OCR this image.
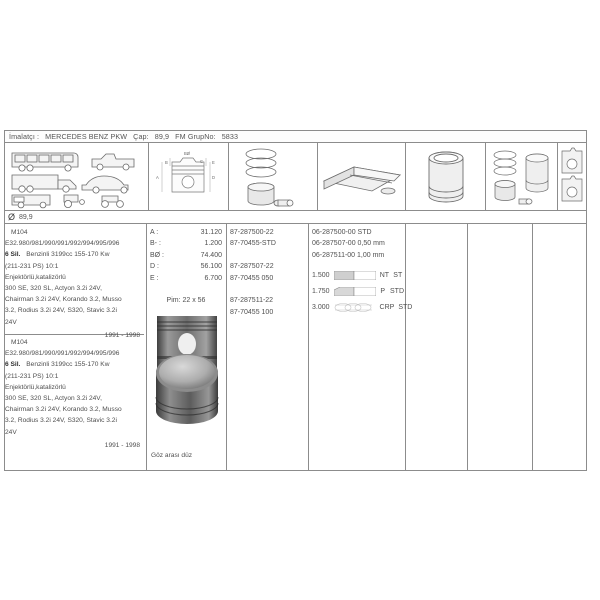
İmalatçı : MERCEDES BENZ PKW Çap: 89,9 FM GrupNo: 5833
A
B
BØ
C
D
E
Ø 89,9
M104
E32.980/981/990/991/992/994/995/996
6 Sil. Benzinli 3199cc 155-170 Kw
(211-231 PS) 10:1
Enjektörlü,katalizörlü
300 SE, 320 SL, Actyon 3.2i 24V,
Chairman 3.2i 24V, Korando 3.2, Musso
3.2, Rodius 3.2i 24V, S320, Stavic 3.2i
24V
1991 - 1998
A :	31.120
B- :	1.200
BØ :	74.400
D :	56.100
E :	6.700
Pim: 22 x 56
87-287500-22
87-70455-STD
87-287507-22
87-70455 050
87-287511-22
87-70455 100
06-287500-00 STD
06-287507-00 0,50 mm
06-287511-00 1,00 mm
1.500	NT ST
1.750	P STD
3.000	CRP STD
M104
E32.980/981/990/991/992/994/995/996
6 Sil. Benzinli 3199cc 155-170 Kw
(211-231 PS) 10:1
Enjektörlü,katalizörlü
300 SE, 320 SL, Actyon 3.2i 24V,
Chairman 3.2i 24V, Korando 3.2, Musso
3.2, Rodius 3.2i 24V, S320, Stavic 3.2i
24V
1991 - 1998
Göz arası düz
